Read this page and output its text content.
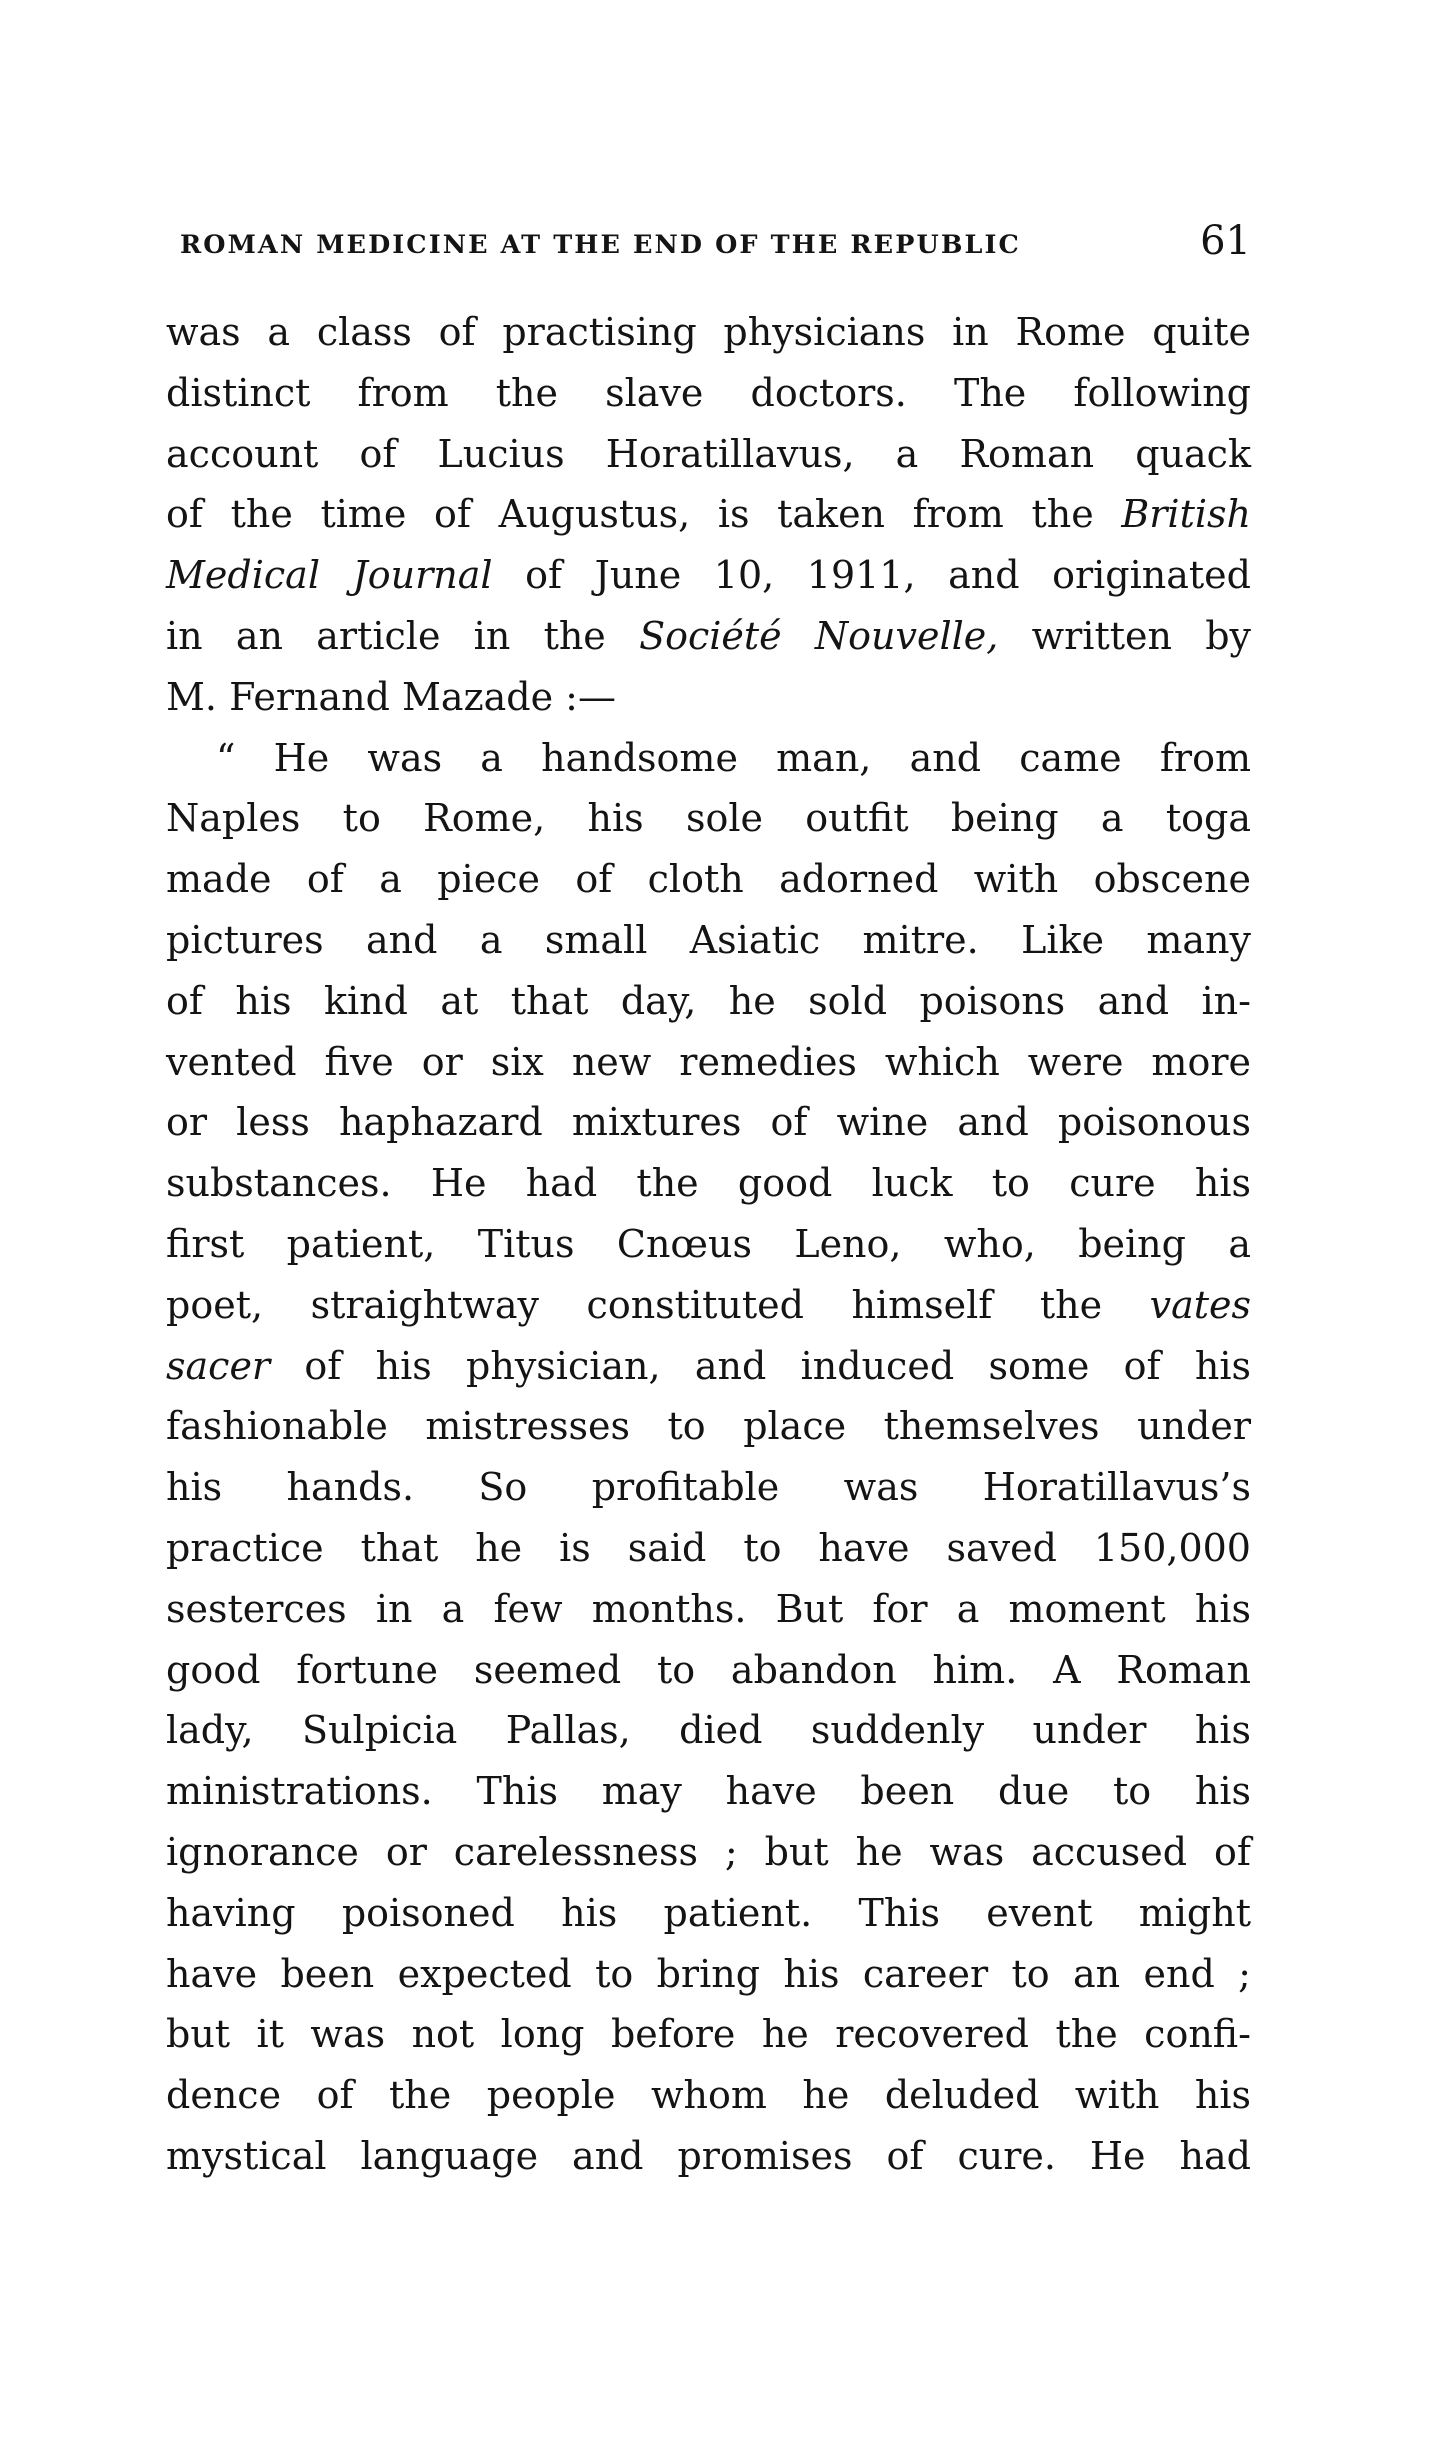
ROMAN MEDICINE AT THE END OF THE REPUBLIC	61
was a class of practising physicians in Rome quite
distinct from the slave doctors. The following
account of Lucius Horatillavus, a Roman quack
of the time of Augustus, is taken from the British
Medical Journal of June 10, 1911, and originated
in an article in the Société Nouvelle, written by
M. Fernand Mazade :—
“ He was a handsome man, and came from
Naples to Rome, his sole outfit being a toga
made of a piece of cloth adorned with obscene
pictures and a small Asiatic mitre. Like many
of his kind at that day, he sold poisons and in-
vented five or six new remedies which were more
or less haphazard mixtures of wine and poisonous
substances. He had the good luck to cure his
first patient, Titus Cnœus Leno, who, being a
poet, straightway constituted himself the vates
sacer of his physician, and induced some of his
fashionable mistresses to place themselves under
his hands. So profitable was Horatillavus’s
practice that he is said to have saved 150,000
sesterces in a few months. But for a moment his
good fortune seemed to abandon him. A Roman
lady, Sulpicia Pallas, died suddenly under his
ministrations. This may have been due to his
ignorance or carelessness ; but he was accused of
having poisoned his patient. This event might
have been expected to bring his career to an end ;
but it was not long before he recovered the confi-
dence of the people whom he deluded with his
mystical language and promises of cure. He had
